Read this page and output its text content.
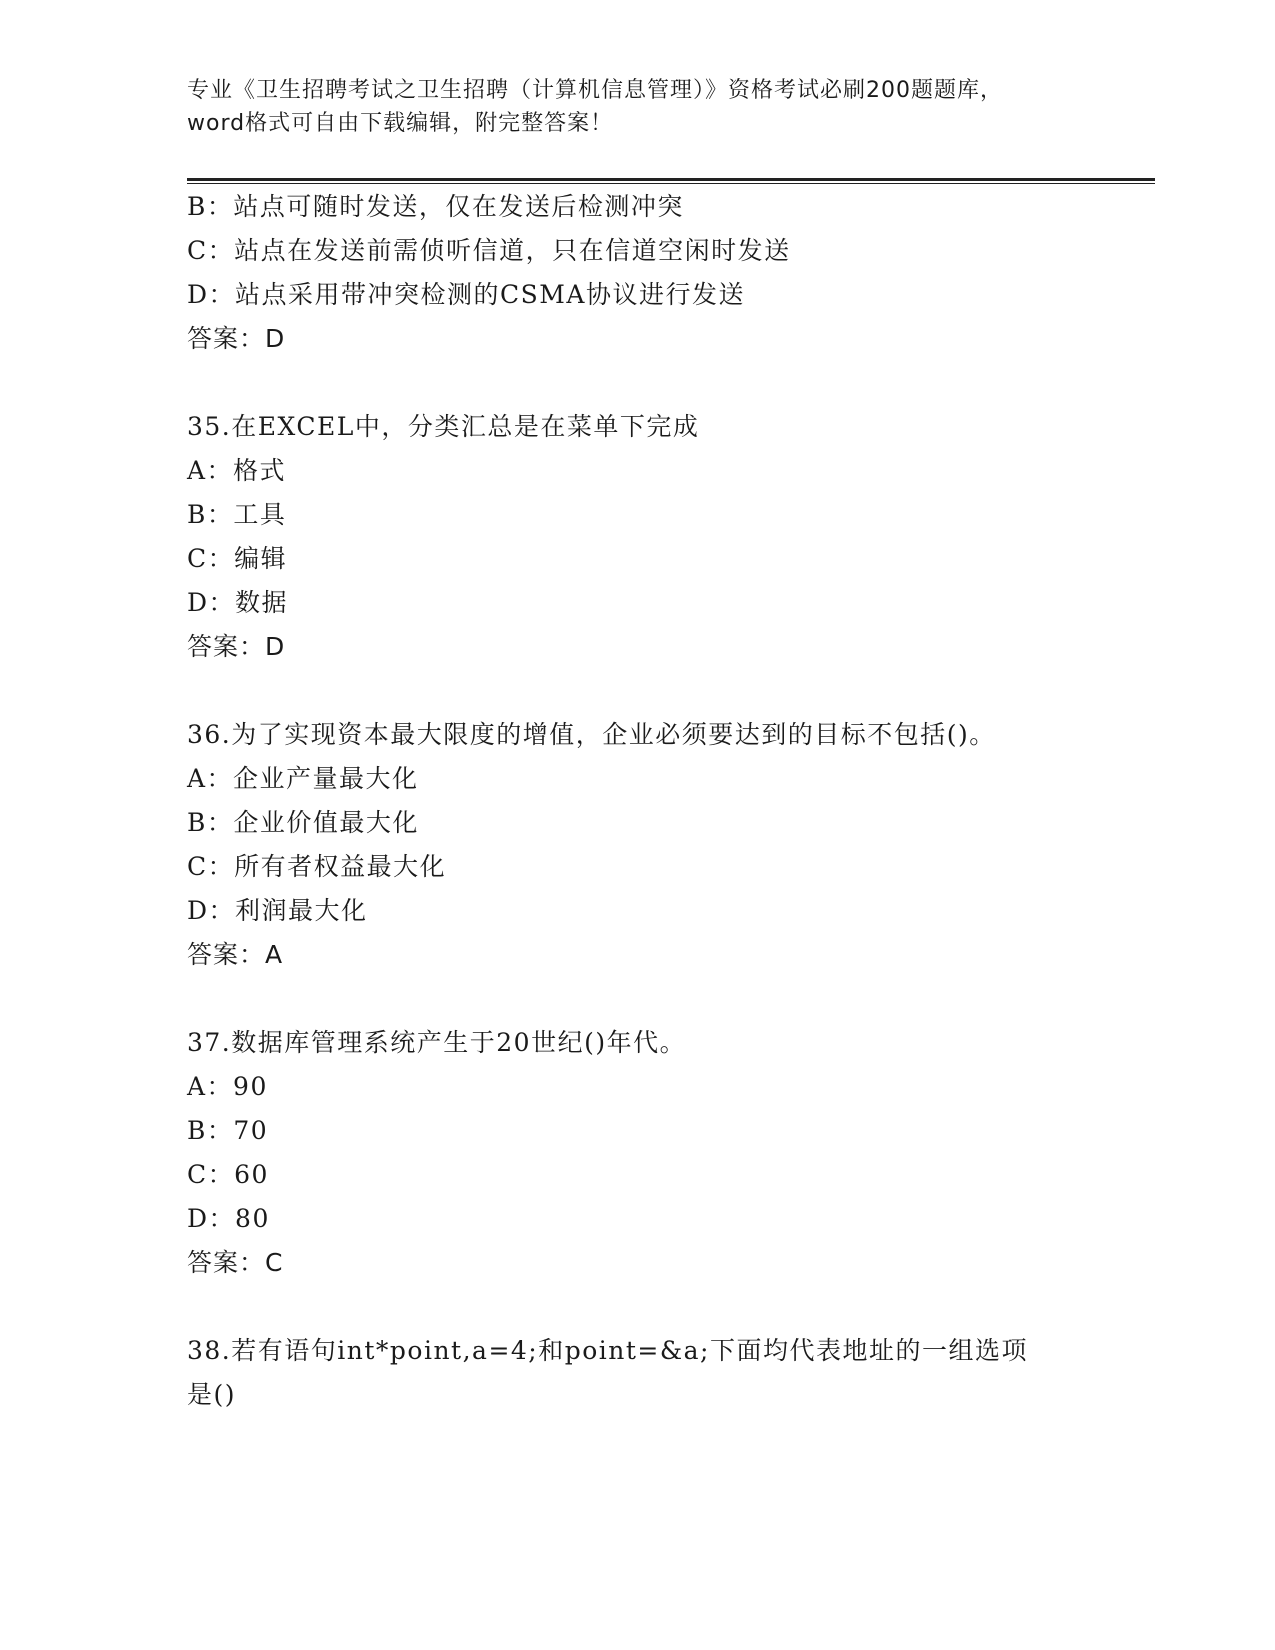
专业《卫生招聘考试之卫生招聘（计算机信息管理）》资格考试必刷200题题库，
word格式可自由下载编辑，附完整答案！
B：站点可随时发送，仅在发送后检测冲突
C：站点在发送前需侦听信道，只在信道空闲时发送
D：站点采用带冲突检测的CSMA协议进行发送
答案：D
35.在EXCEL中，分类汇总是在菜单下完成
A：格式
B：工具
C：编辑
D：数据
答案：D
36.为了实现资本最大限度的增值，企业必须要达到的目标不包括()。
A：企业产量最大化
B：企业价值最大化
C：所有者权益最大化
D：利润最大化
答案：A
37.数据库管理系统产生于20世纪()年代。
A：90
B：70
C：60
D：80
答案：C
38.若有语句int*point,a=4;和point=&a;下面均代表地址的一组选项
是()
